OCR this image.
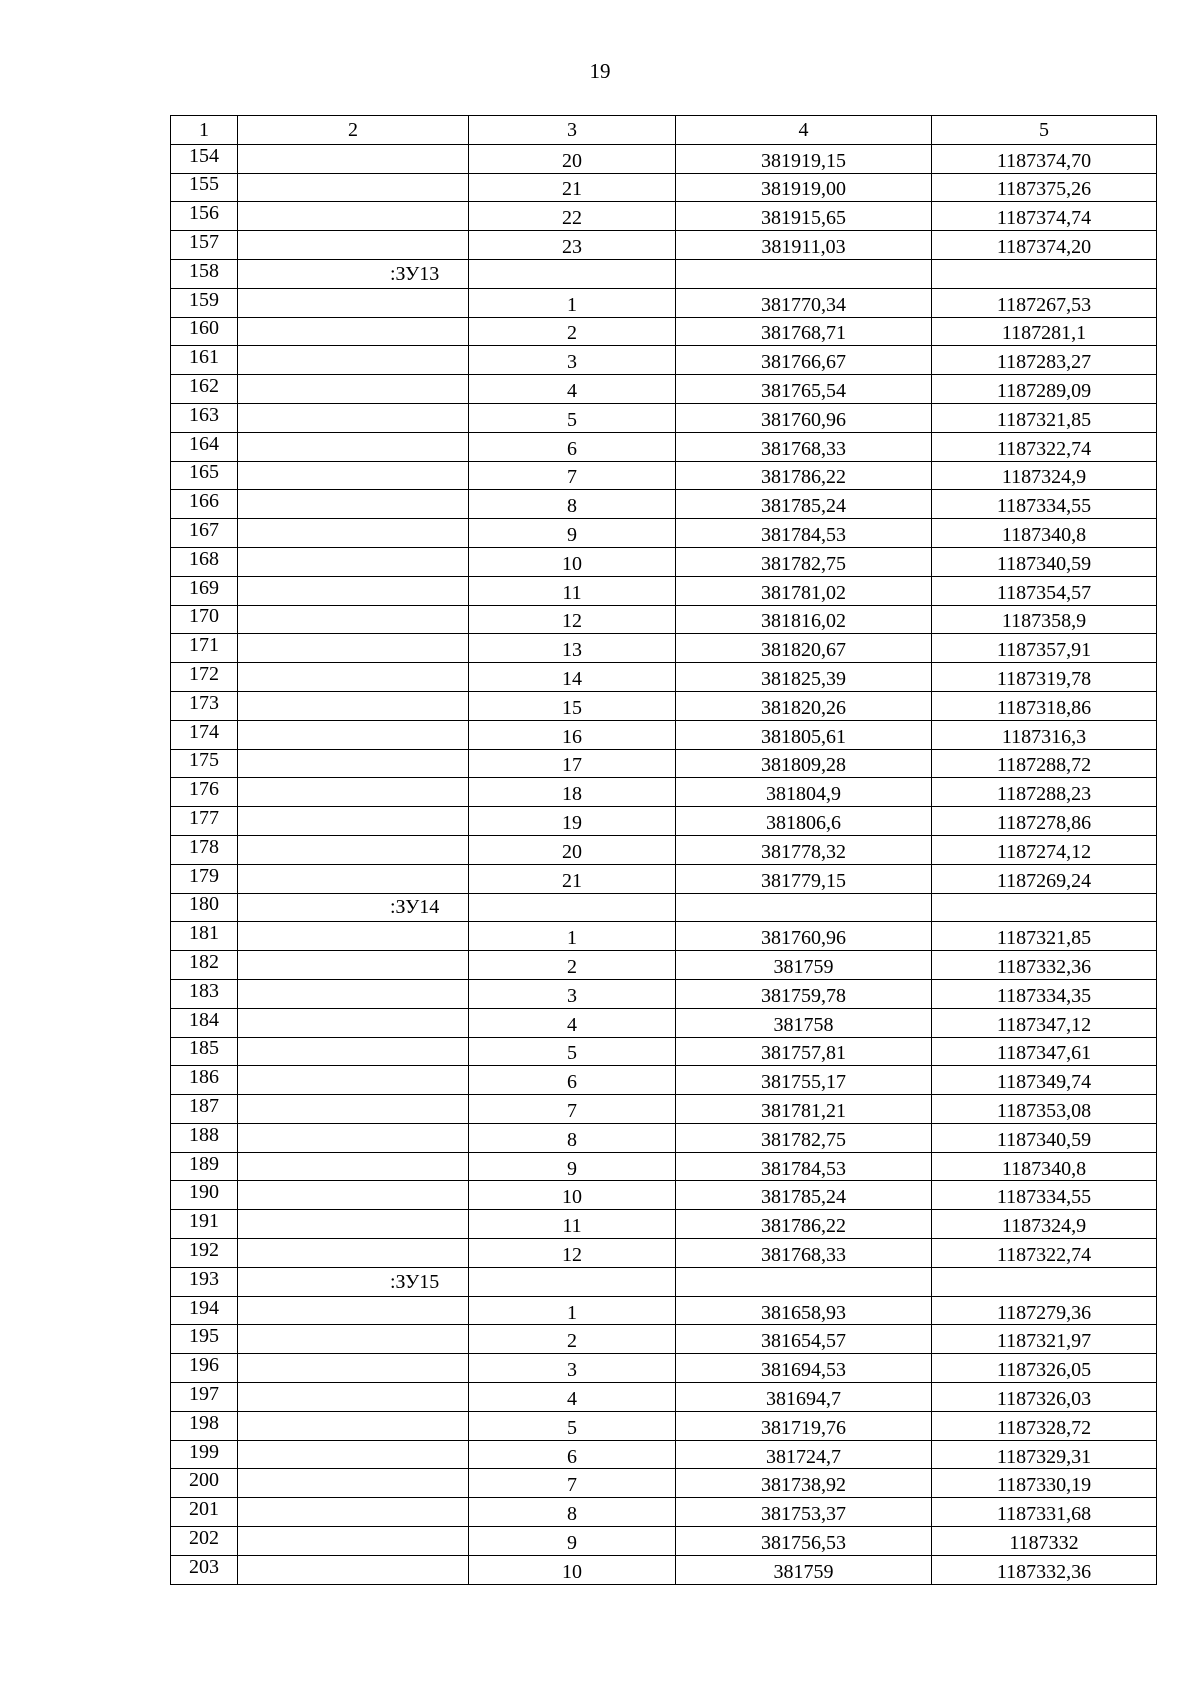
19
1	2	3	4	5
154		20	381919,15	1187374,70
155		21	381919,00	1187375,26
156		22	381915,65	1187374,74
157		23	381911,03	1187374,20
158	:ЗУ13			
159		1	381770,34	1187267,53
160		2	381768,71	1187281,1
161		3	381766,67	1187283,27
162		4	381765,54	1187289,09
163		5	381760,96	1187321,85
164		6	381768,33	1187322,74
165		7	381786,22	1187324,9
166		8	381785,24	1187334,55
167		9	381784,53	1187340,8
168		10	381782,75	1187340,59
169		11	381781,02	1187354,57
170		12	381816,02	1187358,9
171		13	381820,67	1187357,91
172		14	381825,39	1187319,78
173		15	381820,26	1187318,86
174		16	381805,61	1187316,3
175		17	381809,28	1187288,72
176		18	381804,9	1187288,23
177		19	381806,6	1187278,86
178		20	381778,32	1187274,12
179		21	381779,15	1187269,24
180	:ЗУ14			
181		1	381760,96	1187321,85
182		2	381759	1187332,36
183		3	381759,78	1187334,35
184		4	381758	1187347,12
185		5	381757,81	1187347,61
186		6	381755,17	1187349,74
187		7	381781,21	1187353,08
188		8	381782,75	1187340,59
189		9	381784,53	1187340,8
190		10	381785,24	1187334,55
191		11	381786,22	1187324,9
192		12	381768,33	1187322,74
193	:ЗУ15			
194		1	381658,93	1187279,36
195		2	381654,57	1187321,97
196		3	381694,53	1187326,05
197		4	381694,7	1187326,03
198		5	381719,76	1187328,72
199		6	381724,7	1187329,31
200		7	381738,92	1187330,19
201		8	381753,37	1187331,68
202		9	381756,53	1187332
203		10	381759	1187332,36
